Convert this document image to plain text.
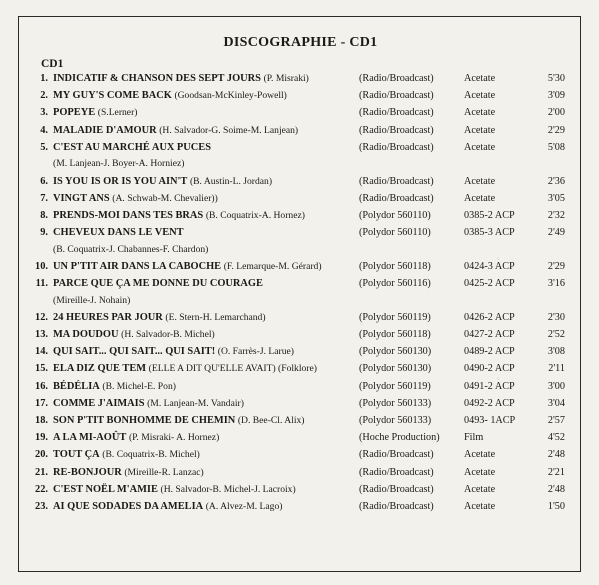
DISCOGRAPHIE - CD1
CD1
1. INDICATIF & CHANSON DES SEPT JOURS (P. Misraki)	(Radio/Broadcast)	Acetate	5'30
2. MY GUY'S COME BACK (Goodsan-McKinley-Powell)	(Radio/Broadcast)	Acetate	3'09
3. POPEYE (S.Lerner)	(Radio/Broadcast)	Acetate	2'00
4. MALADIE D'AMOUR (H. Salvador-G. Soime-M. Lanjean)	(Radio/Broadcast)	Acetate	2'29
5. C'EST AU MARCHÉ AUX PUCES	(Radio/Broadcast)	Acetate	5'08
(M. Lanjean-J. Boyer-A. Horniez)
6. IS YOU IS OR IS YOU AIN'T (B. Austin-L. Jordan)	(Radio/Broadcast)	Acetate	2'36
7. VINGT ANS (A. Schwab-M. Chevalier))	(Radio/Broadcast)	Acetate	3'05
8. PRENDS-MOI DANS TES BRAS (B. Coquatrix-A. Hornez)	(Polydor 560110)	0385-2 ACP	2'32
9. CHEVEUX DANS LE VENT	(Polydor 560110)	0385-3 ACP	2'49
(B. Coquatrix-J. Chabannes-F. Chardon)
10. UN P'TIT AIR DANS LA CABOCHE (F. Lemarque-M. Gérard)	(Polydor 560118)	0424-3 ACP	2'29
11. PARCE QUE ÇA ME DONNE DU COURAGE	(Polydor 560116)	0425-2 ACP	3'16
(Mireille-J. Nohain)
12. 24 HEURES PAR JOUR (E. Stern-H. Lemarchand)	(Polydor 560119)	0426-2 ACP	2'30
13. MA DOUDOU (H. Salvador-B. Michel)	(Polydor 560118)	0427-2 ACP	2'52
14. QUI SAIT... QUI SAIT... QUI SAIT! (O. Farrès-J. Larue)	(Polydor 560130)	0489-2 ACP	3'08
15. ELA DIZ QUE TEM (ELLE A DIT QU'ELLE AVAIT) (Folklore)	(Polydor 560130)	0490-2 ACP	2'11
16. BÉDÉLIA (B. Michel-E. Pon)	(Polydor 560119)	0491-2 ACP	3'00
17. COMME J'AIMAIS (M. Lanjean-M. Vandair)	(Polydor 560133)	0492-2 ACP	3'04
18. SON P'TIT BONHOMME DE CHEMIN (D. Bee-Cl. Alix)	(Polydor 560133)	0493- 1ACP	2'57
19. A LA MI-AOÛT (P. Misraki- A. Hornez)	(Hoche Production) Film	4'52
20. TOUT ÇA (B. Coquatrix-B. Michel)	(Radio/Broadcast)	Acetate	2'48
21. RE-BONJOUR (Mireille-R. Lanzac)	(Radio/Broadcast)	Acetate	2'21
22. C'EST NOËL M'AMIE (H. Salvador-B. Michel-J. Lacroix)	(Radio/Broadcast)	Acetate	2'48
23. AI QUE SODADES DA AMELIA (A. Alvez-M. Lago)	(Radio/Broadcast)	Acetate	1'50
